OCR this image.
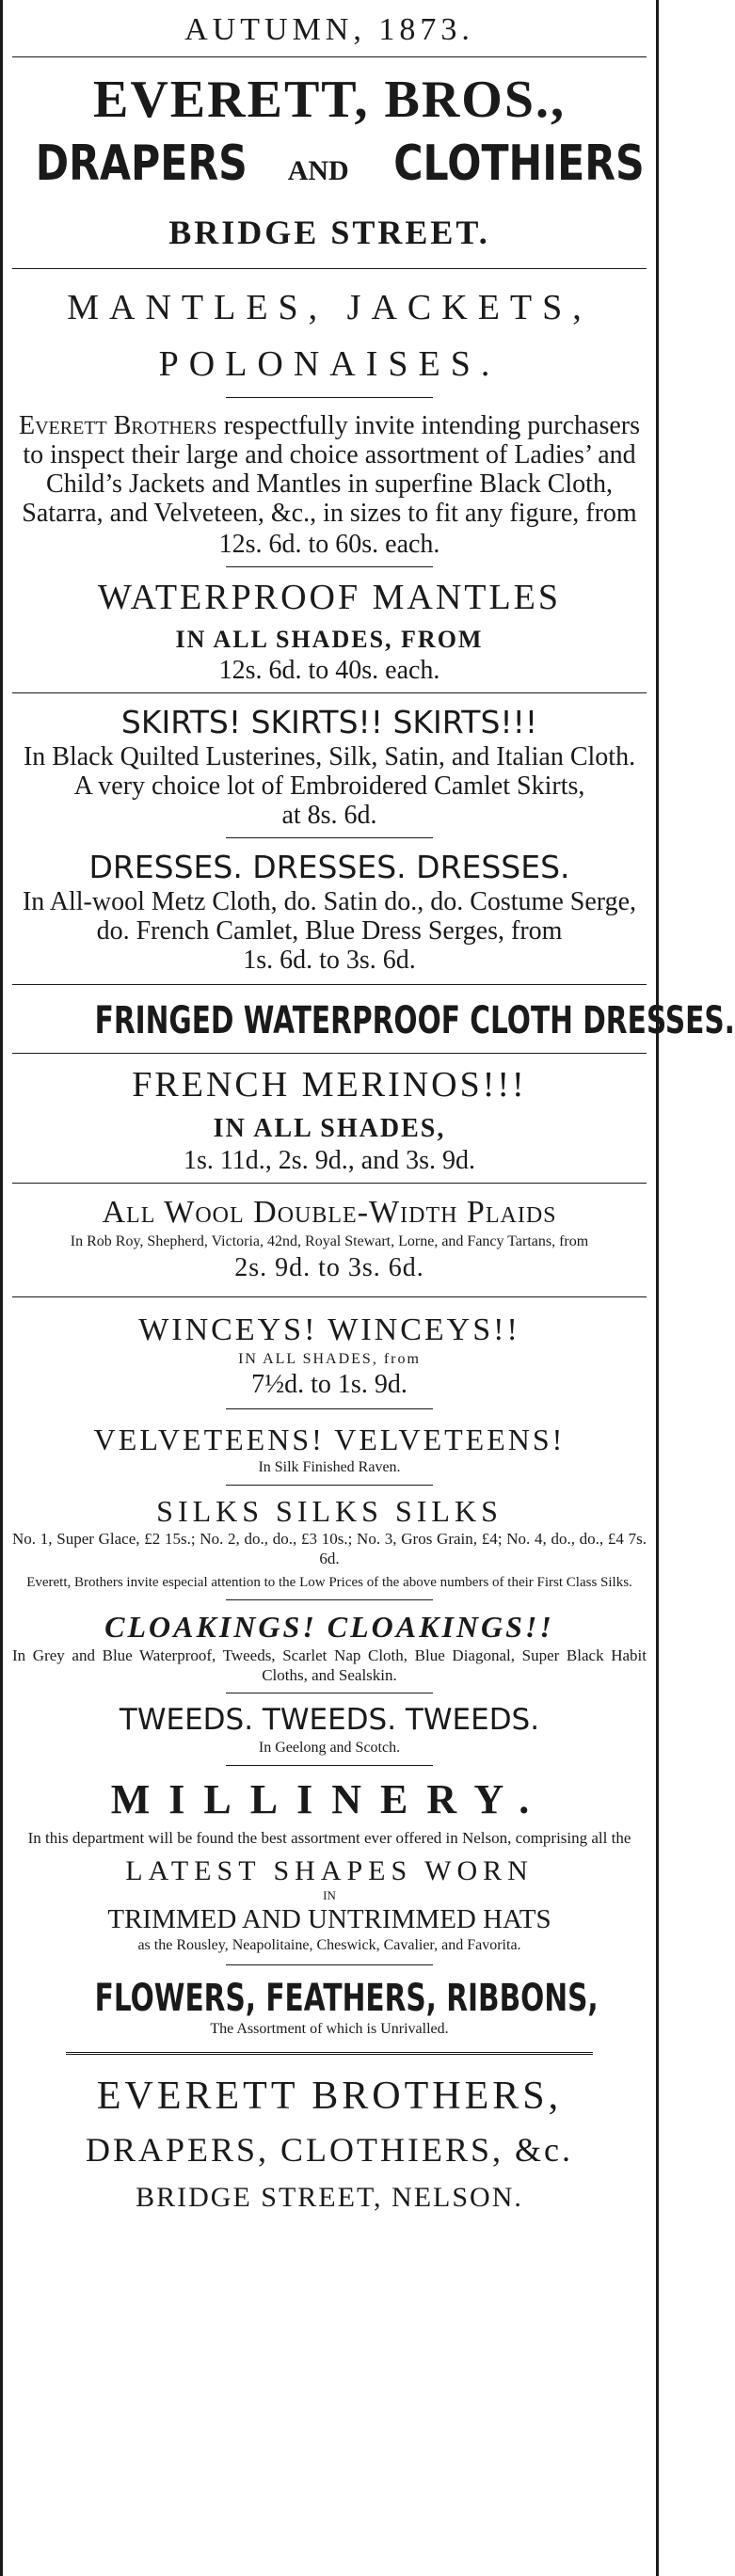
AUTUMN, 1873.
EVERETT, BROS.,
DRAPERS AND CLOTHIERS
BRIDGE STREET.
MANTLES, JACKETS,
POLONAISES.

Everett Brothers respectfully invite intending purchasers to inspect their large and choice assortment of Ladies’ and Child’s Jackets and Mantles in superfine Black Cloth, Satarra, and Velveteen, &c., in sizes to fit any figure, from

12s. 6d. to 60s. each.
WATERPROOF MANTLES
IN ALL SHADES, FROM
12s. 6d. to 40s. each.
SKIRTS! SKIRTS!! SKIRTS!!!

In Black Quilted Lusterines, Silk, Satin, and Italian Cloth. A very choice lot of Embroidered Camlet Skirts,

at 8s. 6d.
DRESSES. DRESSES. DRESSES.

In All-wool Metz Cloth, do. Satin do., do. Costume Serge, do. French Camlet, Blue Dress Serges, from

1s. 6d. to 3s. 6d.
FRINGED WATERPROOF CLOTH DRESSES.
FRENCH MERINOS!!!
IN ALL SHADES,
1s. 11d., 2s. 9d., and 3s. 9d.
All Wool Double-Width Plaids

In Rob Roy, Shepherd, Victoria, 42nd, Royal Stewart, Lorne, and Fancy Tartans, from

2s. 9d. to 3s. 6d.
WINCEYS! WINCEYS!!
IN ALL SHADES, from
7½d. to 1s. 9d.
VELVETEENS! VELVETEENS!
In Silk Finished Raven.
SILKS SILKS SILKS

No. 1, Super Glace, £2 15s.; No. 2, do., do., £3 10s.; No. 3, Gros Grain, £4; No. 4, do., do., £4 7s. 6d.

Everett, Brothers invite especial attention to the Low Prices of the above numbers of their First Class Silks.

CLOAKINGS! CLOAKINGS!!

In Grey and Blue Waterproof, Tweeds, Scarlet Nap Cloth, Blue Diagonal, Super Black Habit Cloths, and Sealskin.

TWEEDS. TWEEDS. TWEEDS.
In Geelong and Scotch.
MILLINERY.

In this department will be found the best assortment ever offered in Nelson, comprising all the

LATEST SHAPES WORN
IN
TRIMMED AND UNTRIMMED HATS
as the Rousley, Neapolitaine, Cheswick, Cavalier, and Favorita.
FLOWERS, FEATHERS, RIBBONS,
The Assortment of which is Unrivalled.
EVERETT BROTHERS,
DRAPERS, CLOTHIERS, &c.
BRIDGE STREET, NELSON.
